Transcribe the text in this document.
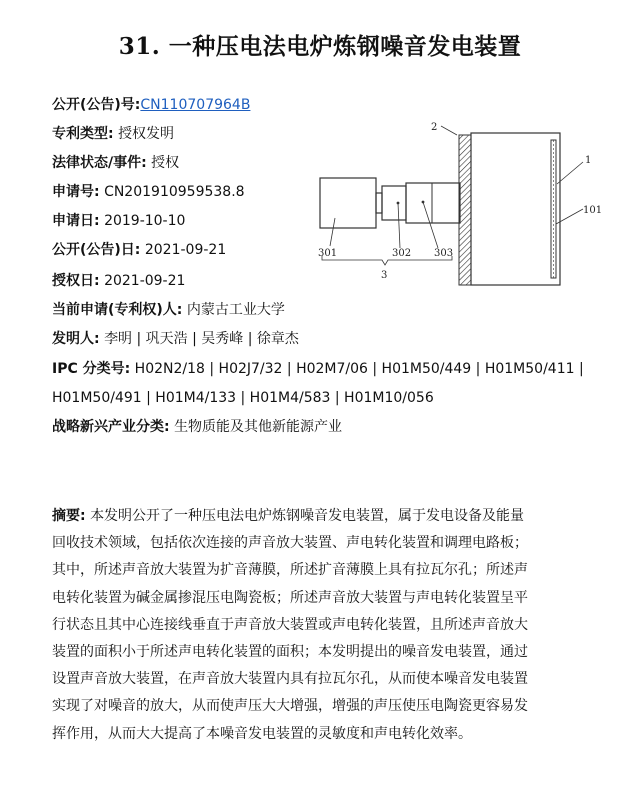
31. 一种压电法电炉炼钢噪音发电装置
公开(公告)号:CN110707964B
专利类型: 授权发明
法律状态/事件: 授权
申请号: CN201910959538.8
申请日: 2019-10-10
公开(公告)日: 2021-09-21
授权日: 2021-09-21
当前申请(专利权)人: 内蒙古工业大学
发明人: 李明 | 巩天浩 | 吴秀峰 | 徐章杰
IPC 分类号: H02N2/18 | H02J7/32 | H02M7/06 | H01M50/449 | H01M50/411 |
H01M50/491 | H01M4/133 | H01M4/583 | H01M10/056
战略新兴产业分类: 生物质能及其他新能源产业
2
1
101
301	302 303
3
摘要: 本发明公开了一种压电法电炉炼钢噪音发电装置，属于发电设备及能量
回收技术领域，包括依次连接的声音放大装置、声电转化装置和调理电路板；
其中，所述声音放大装置为扩音薄膜，所述扩音薄膜上具有拉瓦尔孔；所述声
电转化装置为碱金属掺混压电陶瓷板；所述声音放大装置与声电转化装置呈平
行状态且其中心连接线垂直于声音放大装置或声电转化装置，且所述声音放大
装置的面积小于所述声电转化装置的面积；本发明提出的噪音发电装置，通过
设置声音放大装置，在声音放大装置内具有拉瓦尔孔，从而使本噪音发电装置
实现了对噪音的放大，从而使声压大大增强，增强的声压使压电陶瓷更容易发
挥作用，从而大大提高了本噪音发电装置的灵敏度和声电转化效率。
